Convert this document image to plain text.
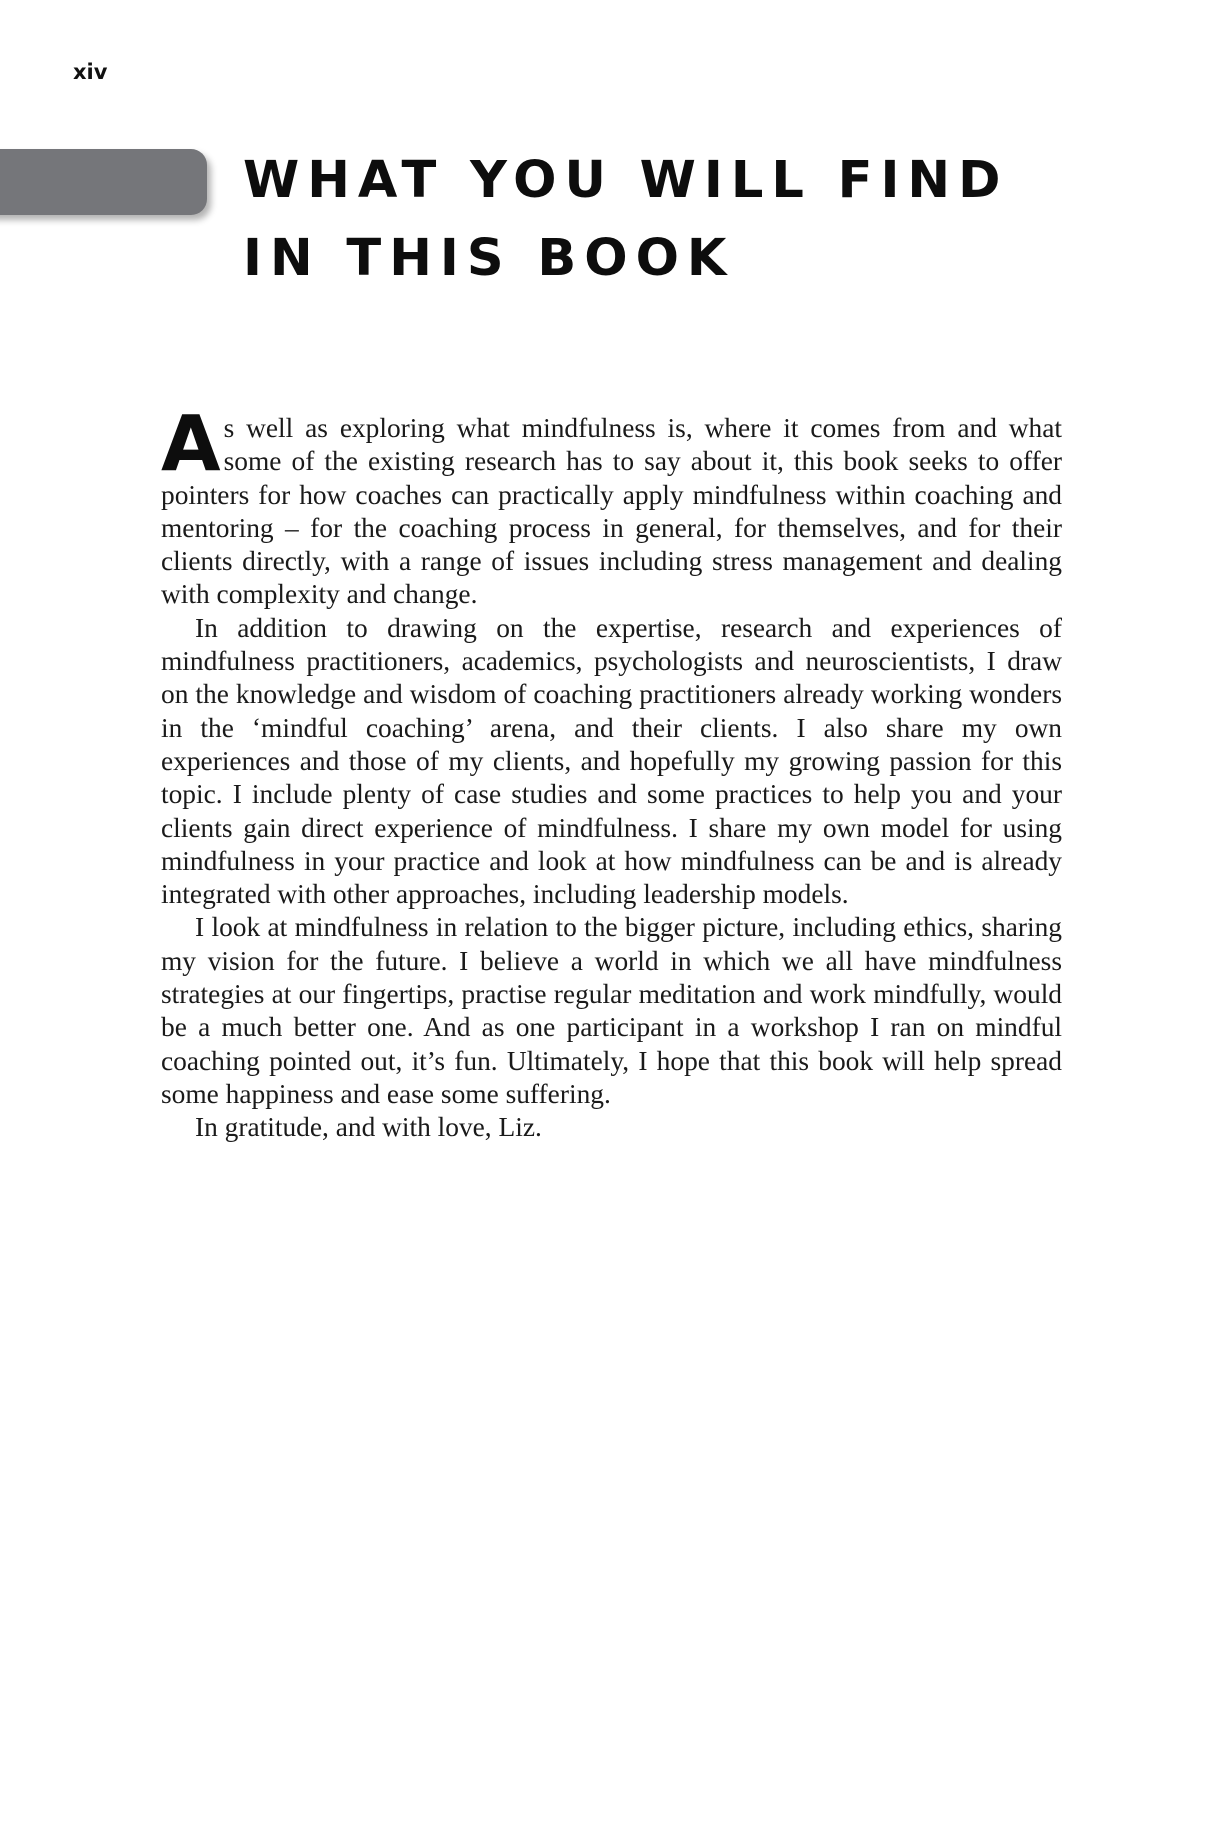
xiv
WHAT YOU WILL FIND
IN THIS BOOK

As well as exploring what mindfulness is, where it comes from and what some of the existing research has to say about it, this book seeks to offer pointers for how coaches can practically apply mindfulness within coaching and mentoring – for the coaching process in general, for themselves, and for their clients directly, with a range of issues including stress management and dealing with complexity and change.

In addition to drawing on the expertise, research and experiences of mindfulness practitioners, academics, psychologists and neuroscientists, I draw on the knowledge and wisdom of coaching practitioners already working wonders in the ‘mindful coaching’ arena, and their clients. I also share my own experiences and those of my clients, and hopefully my growing passion for this topic. I include plenty of case studies and some practices to help you and your clients gain direct experience of mindfulness. I share my own model for using mindfulness in your practice and look at how mindfulness can be and is already integrated with other approaches, including leadership models.

I look at mindfulness in relation to the bigger picture, including ethics, sharing my vision for the future. I believe a world in which we all have mindfulness strategies at our fingertips, practise regular meditation and work mindfully, would be a much better one. And as one participant in a workshop I ran on mindful coaching pointed out, it’s fun. Ultimately, I hope that this book will help spread some happiness and ease some suffering.

In gratitude, and with love, Liz.
